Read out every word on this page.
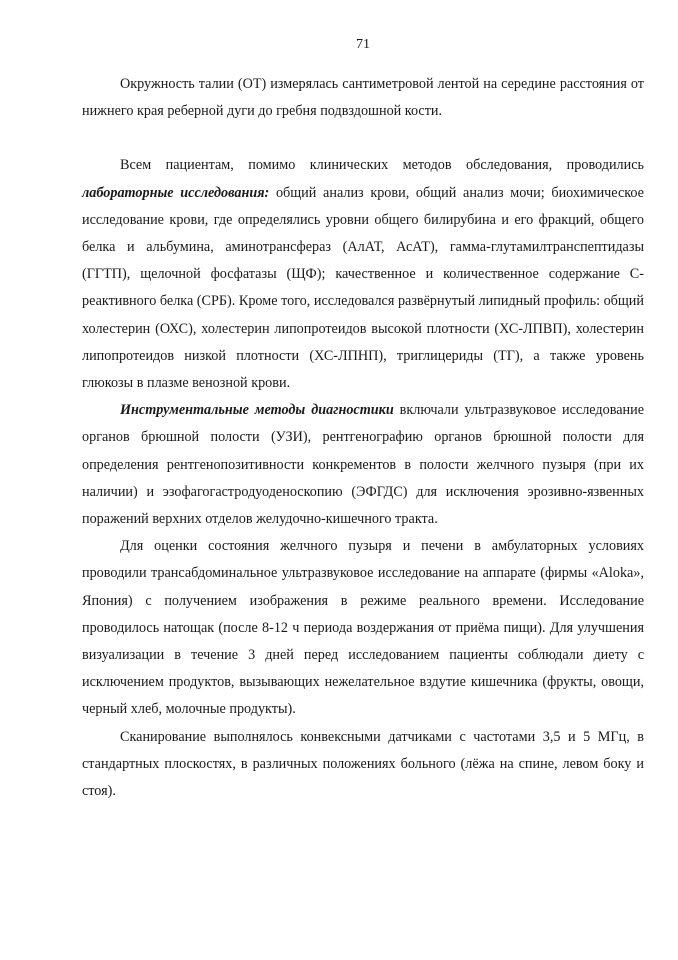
71

Окружность талии (ОТ) измерялась сантиметровой лентой на середине расстояния от нижнего края реберной дуги до гребня подвздошной кости.

Всем пациентам, помимо клинических методов обследования, проводились лабораторные исследования: общий анализ крови, общий анализ мочи; биохимическое исследование крови, где определялись уровни общего билирубина и его фракций, общего белка и альбумина, аминотрансфераз (АлАТ, АсАТ), гамма-глутамилтранспептидазы (ГГТП), щелочной фосфатазы (ЩФ); качественное и количественное содержание С-реактивного белка (СРБ). Кроме того, исследовался развёрнутый липидный профиль: общий холестерин (ОХС), холестерин липопротеидов высокой плотности (ХС-ЛПВП), холестерин липопротеидов низкой плотности (ХС-ЛПНП), триглицериды (ТГ), а также уровень глюкозы в плазме венозной крови.

Инструментальные методы диагностики включали ультразвуковое исследование органов брюшной полости (УЗИ), рентгенографию органов брюшной полости для определения рентгенопозитивности конкрементов в полости желчного пузыря (при их наличии) и эзофагогастродуоденоскопию (ЭФГДС) для исключения эрозивно-язвенных поражений верхних отделов желудочно-кишечного тракта.

Для оценки состояния желчного пузыря и печени в амбулаторных условиях проводили трансабдоминальное ультразвуковое исследование на аппарате (фирмы «Aloka», Япония) с получением изображения в режиме реального времени. Исследование проводилось натощак (после 8-12 ч периода воздержания от приёма пищи). Для улучшения визуализации в течение 3 дней перед исследованием пациенты соблюдали диету с исключением продуктов, вызывающих нежелательное вздутие кишечника (фрукты, овощи, черный хлеб, молочные продукты).

Сканирование выполнялось конвексными датчиками с частотами 3,5 и 5 МГц, в стандартных плоскостях, в различных положениях больного (лёжа на спине, левом боку и стоя).
